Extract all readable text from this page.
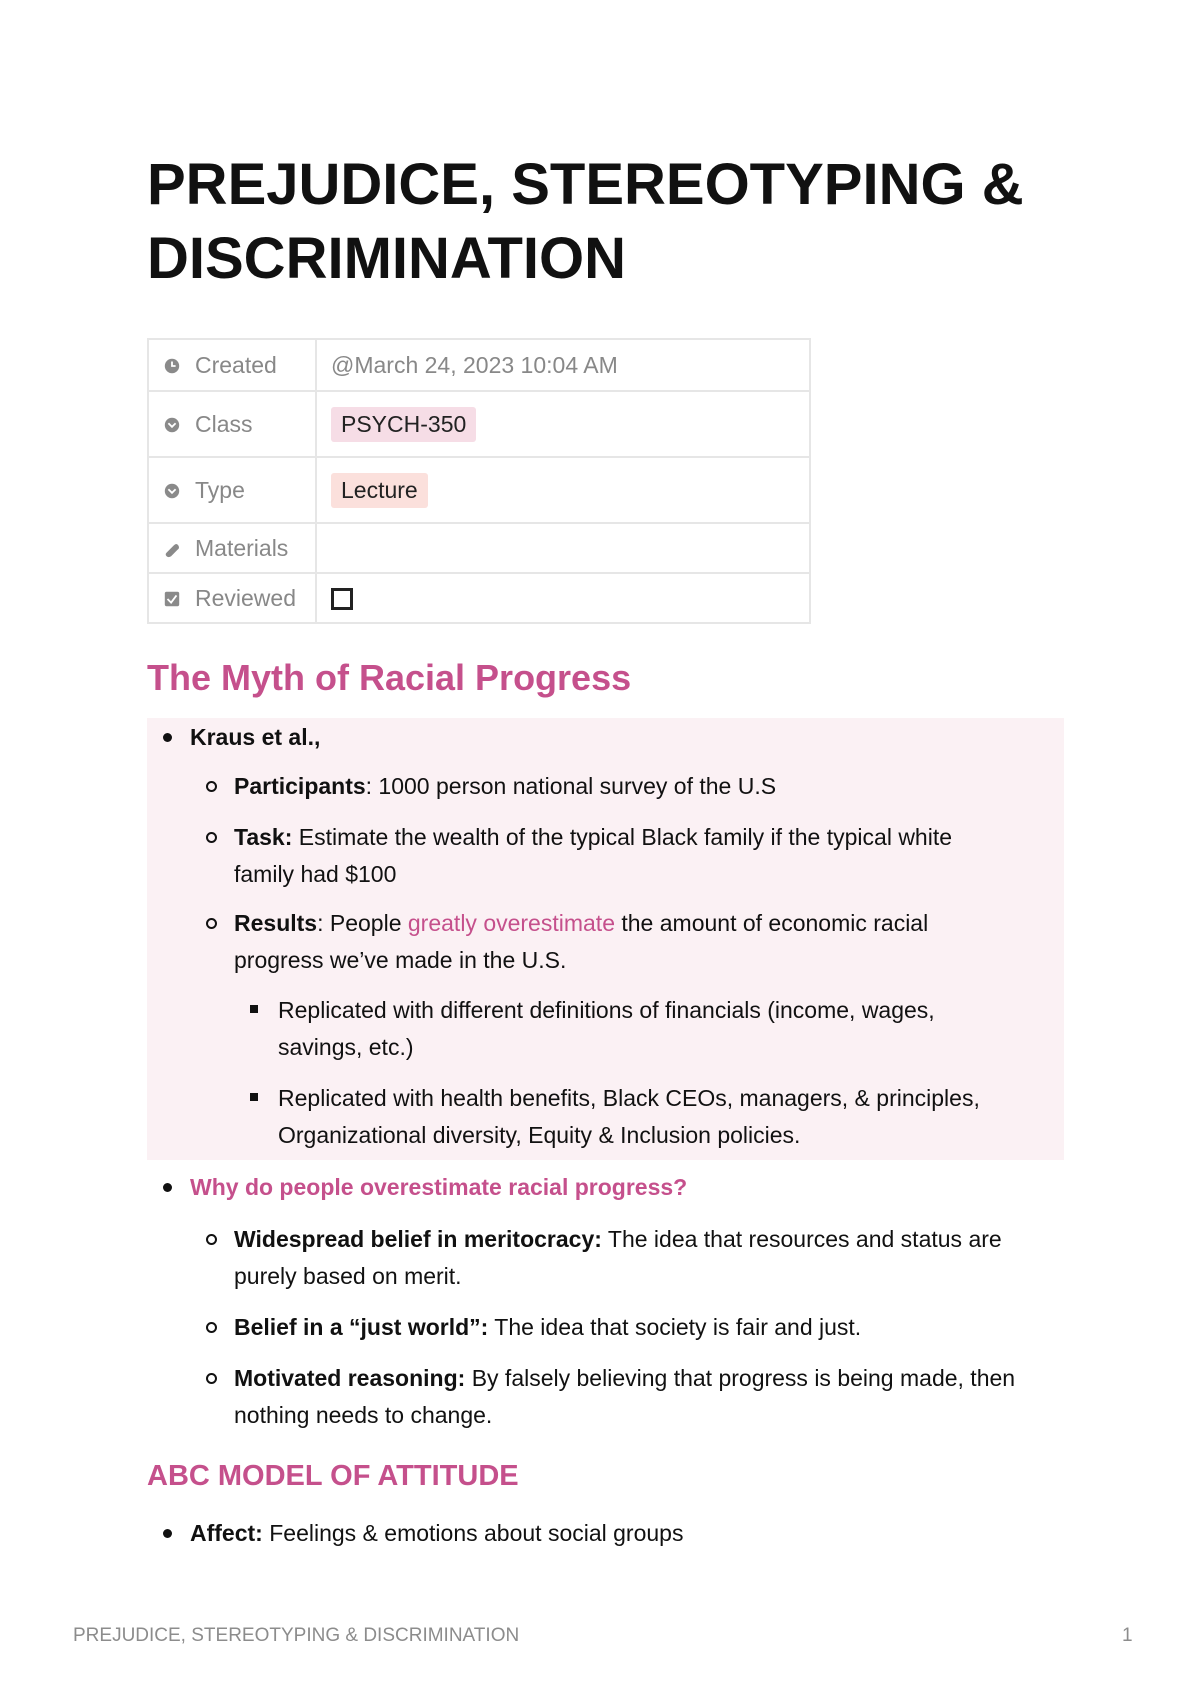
PREJUDICE, STEREOTYPING &
DISCRIMINATION
Created	@March 24, 2023 10:04 AM
Class	PSYCH-350
Type	Lecture
Materials	
Reviewed	
The Myth of Racial Progress
Kraus et al.,
Participants: 1000 person national survey of the U.S
Task: Estimate the wealth of the typical Black family if the typical white
family had $100
Results: People greatly overestimate the amount of economic racial
progress we’ve made in the U.S.
Replicated with different definitions of financials (income, wages,
savings, etc.)
Replicated with health benefits, Black CEOs, managers, & principles,
Organizational diversity, Equity & Inclusion policies.
Why do people overestimate racial progress?
Widespread belief in meritocracy: The idea that resources and status are
purely based on merit.
Belief in a “just world”: The idea that society is fair and just.
Motivated reasoning: By falsely believing that progress is being made, then
nothing needs to change.
ABC MODEL OF ATTITUDE
Affect: Feelings & emotions about social groups
PREJUDICE, STEREOTYPING & DISCRIMINATION	1
